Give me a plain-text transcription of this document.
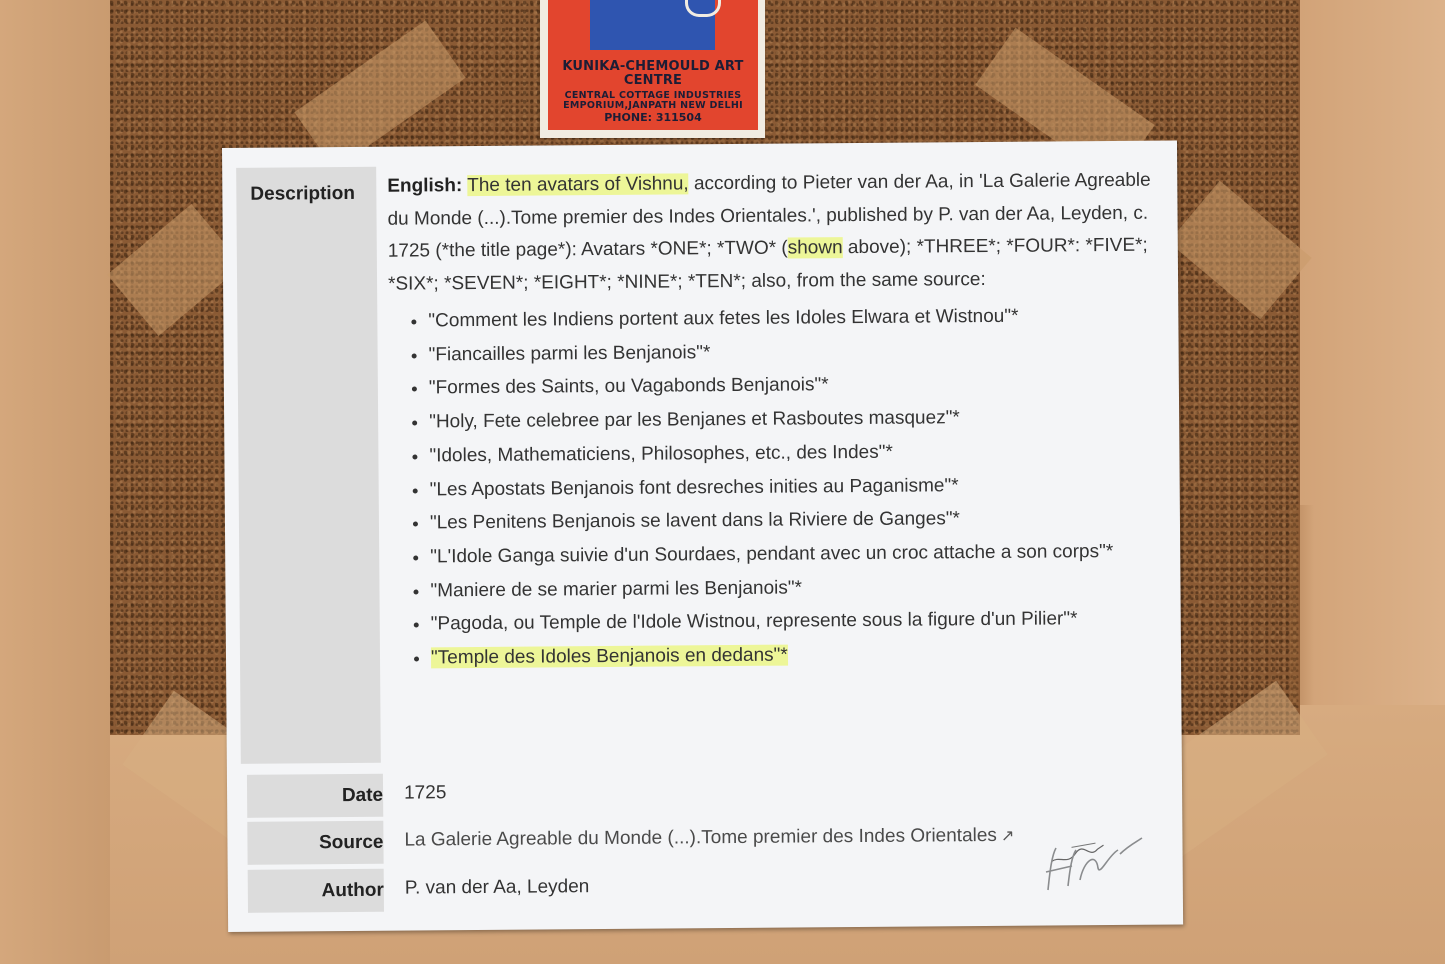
KUNIKA-CHEMOULD ART CENTRE
CENTRAL COTTAGE INDUSTRIES
EMPORIUM,JANPATH NEW DELHI
PHONE: 311504
Description
Date
Source
Author
English: The ten avatars of Vishnu, according to Pieter van der Aa, in 'La Galerie Agreable du Monde (...).Tome premier des Indes Orientales.', published by P. van der Aa, Leyden, c. 1725 (*the title page*): Avatars *ONE*; *TWO* (shown above); *THREE*; *FOUR*: *FIVE*; *SIX*; *SEVEN*; *EIGHT*; *NINE*; *TEN*; also, from the same source:
• "Comment les Indiens portent aux fetes les Idoles Elwara et Wistnou"*
• "Fiancailles parmi les Benjanois"*
• "Formes des Saints, ou Vagabonds Benjanois"*
• "Holy, Fete celebree par les Benjanes et Rasboutes masquez"*
• "Idoles, Mathematiciens, Philosophes, etc., des Indes"*
• "Les Apostats Benjanois font desreches inities au Paganisme"*
• "Les Penitens Benjanois se lavent dans la Riviere de Ganges"*
• "L'Idole Ganga suivie d'un Sourdaes, pendant avec un croc attache a son corps"*
• "Maniere de se marier parmi les Benjanois"*
• "Pagoda, ou Temple de l'Idole Wistnou, represente sous la figure d'un Pilier"*
• "Temple des Idoles Benjanois en dedans"*
1725
La Galerie Agreable du Monde (...).Tome premier des Indes Orientales ↗
P. van der Aa, Leyden
